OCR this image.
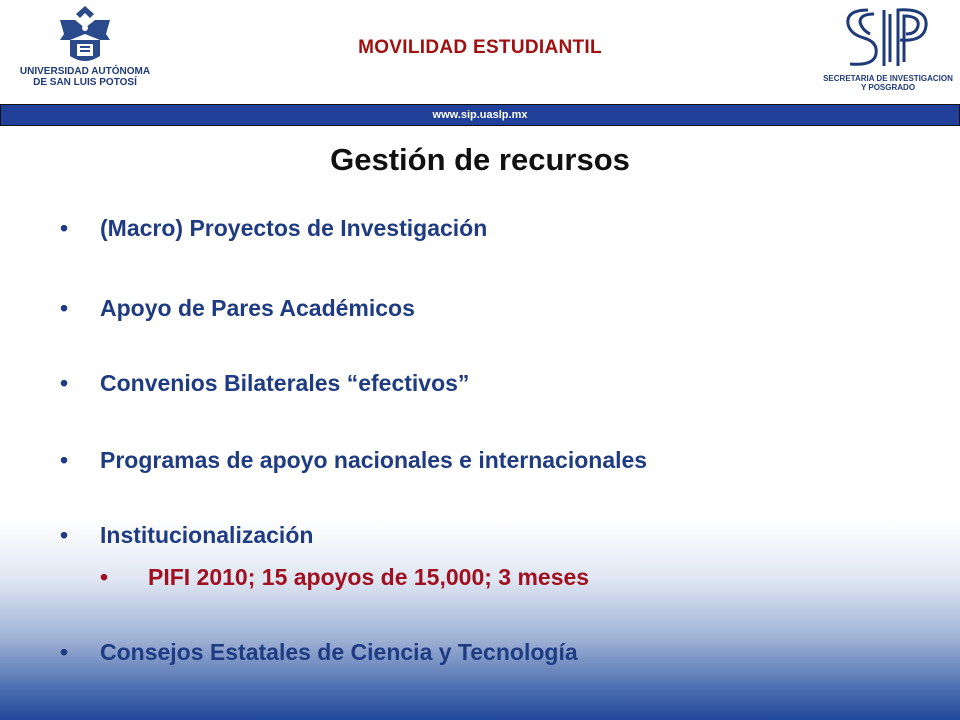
UNIVERSIDAD AUTÓNOMA
DE SAN LUIS POTOSÍ
MOVILIDAD ESTUDIANTIL
SECRETARIA DE INVESTIGACION
Y POSGRADO
www.sip.uaslp.mx
Gestión de recursos
• (Macro) Proyectos de Investigación
• Apoyo de Pares Académicos
• Convenios Bilaterales “efectivos”
• Programas de apoyo nacionales e internacionales
• Institucionalización
• PIFI 2010; 15 apoyos de 15,000; 3 meses
• Consejos Estatales de Ciencia y Tecnología
